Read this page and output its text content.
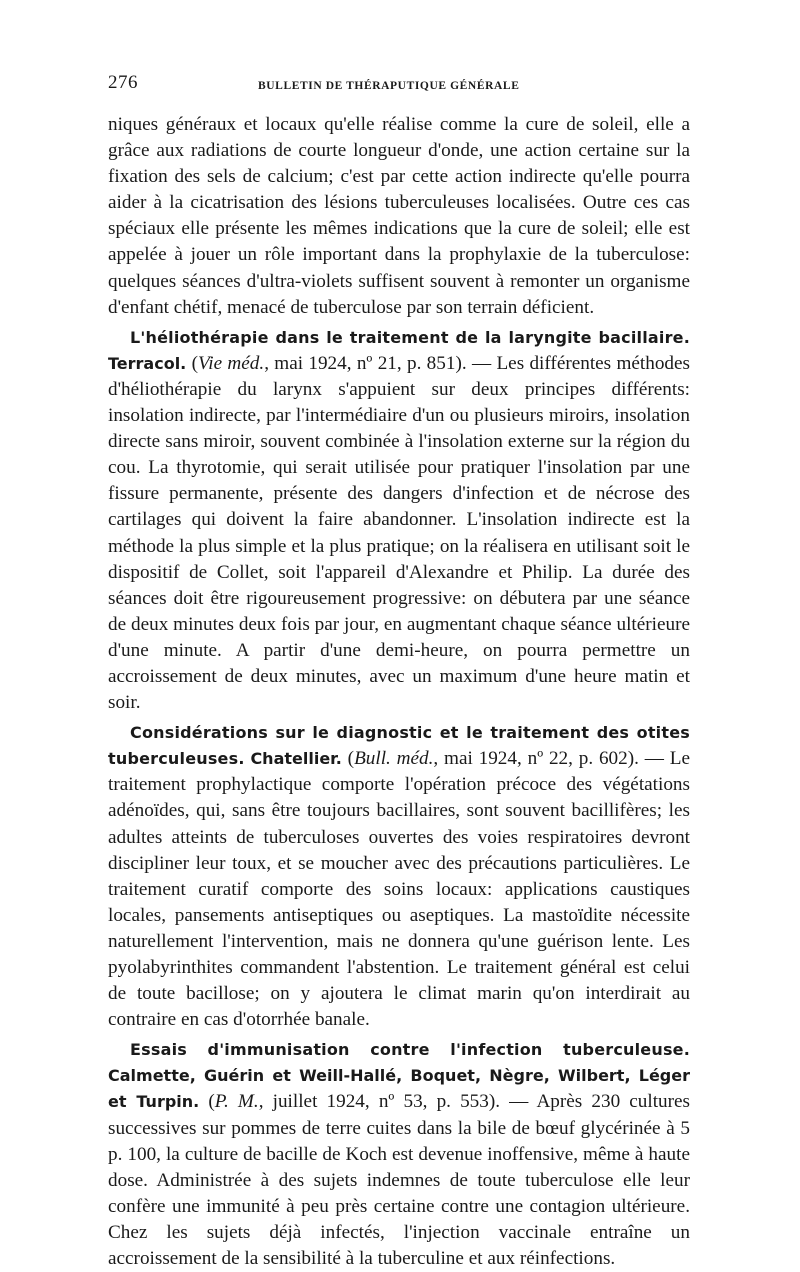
276	BULLETIN DE THÉRAPUTIQUE GÉNÉRALE

niques généraux et locaux qu'elle réalise comme la cure de soleil, elle a grâce aux radiations de courte longueur d'onde, une action certaine sur la fixation des sels de calcium; c'est par cette action indirecte qu'elle pourra aider à la cicatrisation des lésions tuberculeuses localisées. Outre ces cas spéciaux elle présente les mêmes indications que la cure de soleil; elle est appelée à jouer un rôle important dans la prophylaxie de la tuberculose: quelques séances d'ultra-violets suffisent souvent à remonter un organisme d'enfant chétif, menacé de tuberculose par son terrain déficient.

L'héliothérapie dans le traitement de la laryngite bacillaire. Terracol. (Vie méd., mai 1924, nº 21, p. 851). — Les différentes méthodes d'héliothérapie du larynx s'appuient sur deux principes différents: insolation indirecte, par l'intermédiaire d'un ou plusieurs miroirs, insolation directe sans miroir, souvent combinée à l'insolation externe sur la région du cou. La thyrotomie, qui serait utilisée pour pratiquer l'insolation par une fissure permanente, présente des dangers d'infection et de nécrose des cartilages qui doivent la faire abandonner. L'insolation indirecte est la méthode la plus simple et la plus pratique; on la réalisera en utilisant soit le dispositif de Collet, soit l'appareil d'Alexandre et Philip. La durée des séances doit être rigoureusement progressive: on débutera par une séance de deux minutes deux fois par jour, en augmentant chaque séance ultérieure d'une minute. A partir d'une demi-heure, on pourra permettre un accroissement de deux minutes, avec un maximum d'une heure matin et soir.

Considérations sur le diagnostic et le traitement des otites tuberculeuses. Chatellier. (Bull. méd., mai 1924, nº 22, p. 602). — Le traitement prophylactique comporte l'opération précoce des végétations adénoïdes, qui, sans être toujours bacillaires, sont souvent bacillifères; les adultes atteints de tuberculoses ouvertes des voies respiratoires devront discipliner leur toux, et se moucher avec des précautions particulières. Le traitement curatif comporte des soins locaux: applications caustiques locales, pansements antiseptiques ou aseptiques. La mastoïdite nécessite naturellement l'intervention, mais ne donnera qu'une guérison lente. Les pyolabyrinthites commandent l'abstention. Le traitement général est celui de toute bacillose; on y ajoutera le climat marin qu'on interdirait au contraire en cas d'otorrhée banale.

Essais d'immunisation contre l'infection tuberculeuse. Calmette, Guérin et Weill-Hallé, Boquet, Nègre, Wilbert, Léger et Turpin. (P. M., juillet 1924, nº 53, p. 553). — Après 230 cultures successives sur pommes de terre cuites dans la bile de bœuf glycérinée à 5 p. 100, la culture de bacille de Koch est devenue inoffensive, même à haute dose. Administrée à des sujets indemnes de toute tuberculose elle leur confère une immunité à peu près certaine contre une contagion ultérieure. Chez les sujets déjà infectés, l'injection vaccinale entraîne un accroissement de la sensibilité à la tuberculine et aux réinfections.
